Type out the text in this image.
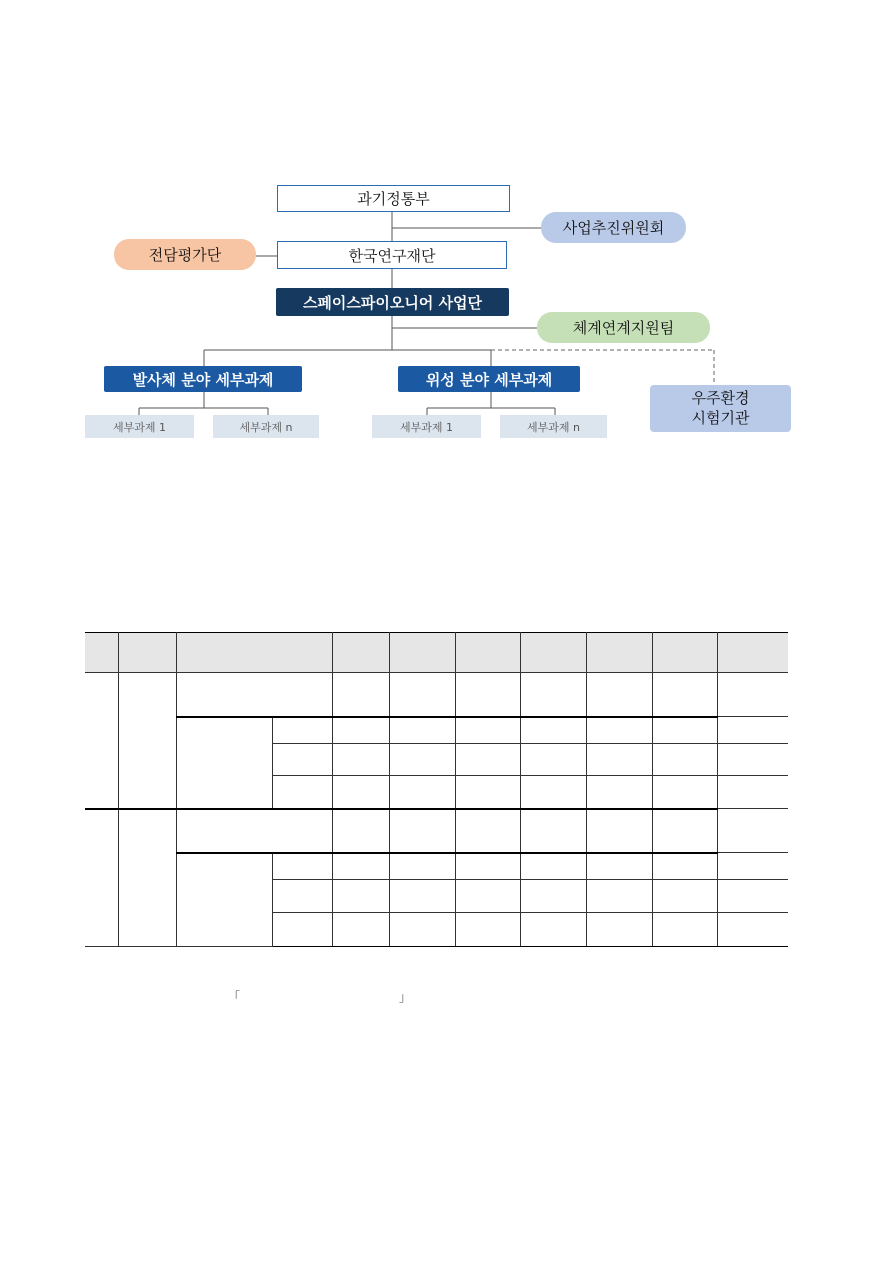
과기정통부
사업추진위원회
전담평가단	한국연구재단
스페이스파이오니어 사업단
체계연계지원팀
발사체 분야 세부과제	위성 분야 세부과제
우주환경
시험기관
세부과제 1	세부과제 n	세부과제 1	세부과제 n

「	」
